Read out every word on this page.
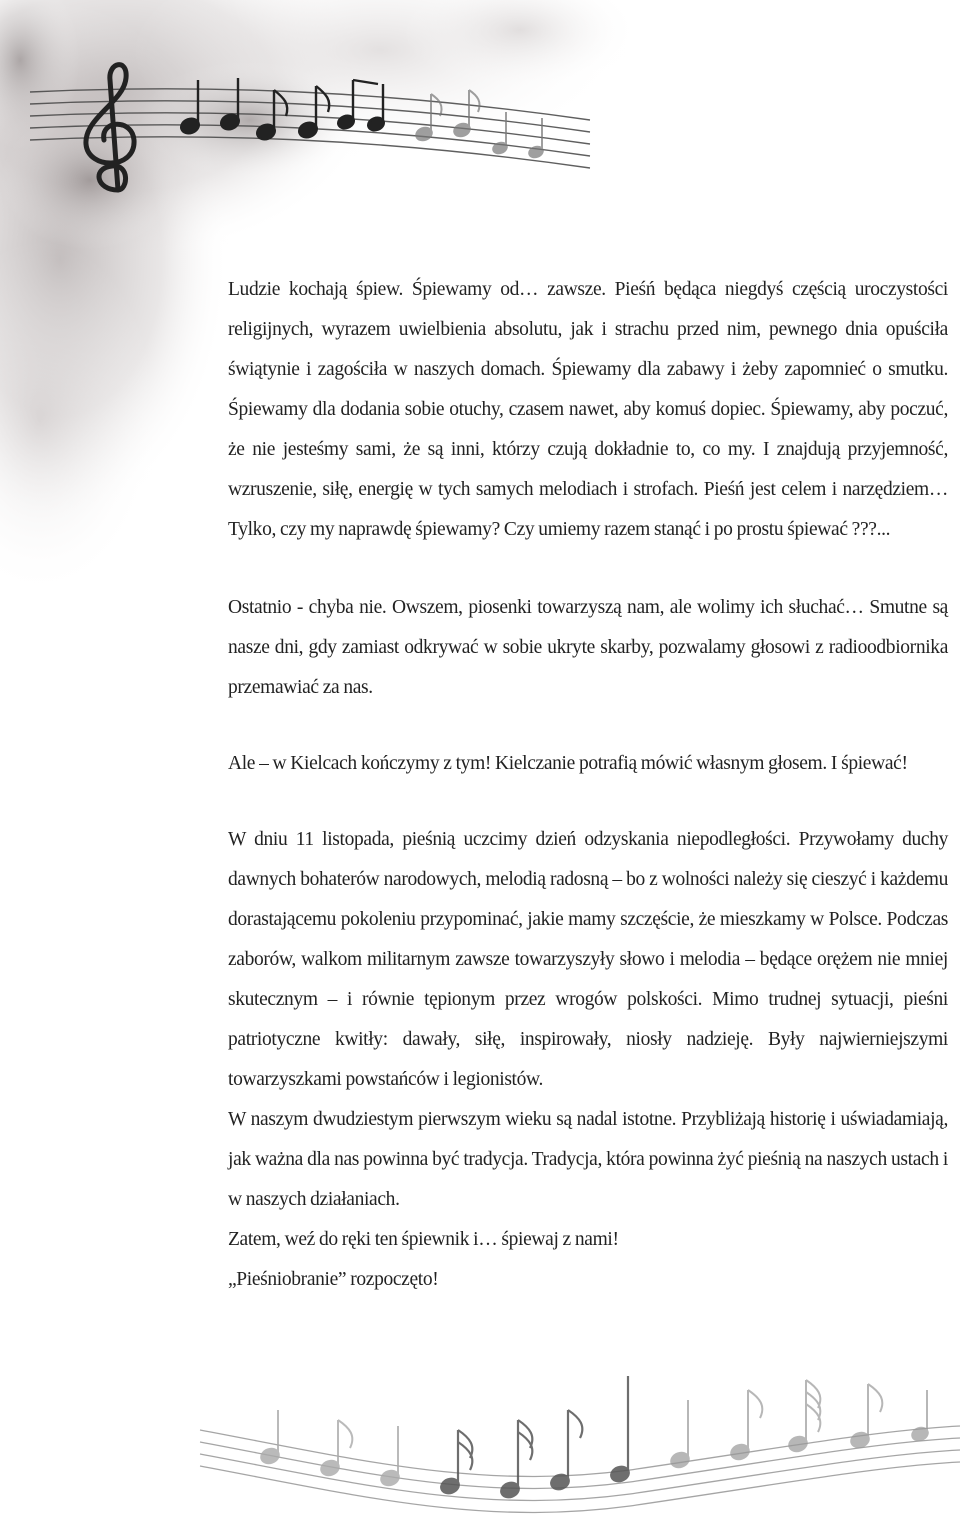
Ludzie kochają śpiew. Śpiewamy od… zawsze. Pieśń będąca niegdyś częścią uroczystości religijnych, wyrazem uwielbienia absolutu, jak i strachu przed nim, pewnego dnia opuściła świątynie i zagościła w naszych domach. Śpiewamy dla zabawy i żeby zapomnieć o smutku. Śpiewamy dla dodania sobie otuchy, czasem nawet, aby komuś dopiec. Śpiewamy, aby poczuć, że nie jesteśmy sami, że są inni, którzy czują dokładnie to, co my. I znajdują przyjemność, wzruszenie, siłę, energię w tych samych melodiach i strofach. Pieśń jest celem i narzędziem… Tylko, czy my naprawdę śpiewamy? Czy umiemy razem stanąć i po prostu śpiewać ???...

Ostatnio - chyba nie. Owszem, piosenki towarzyszą nam, ale wolimy ich słuchać… Smutne są nasze dni, gdy zamiast odkrywać w sobie ukryte skarby, pozwalamy głosowi z radioodbiornika przemawiać za nas.

Ale – w Kielcach kończymy z tym! Kielczanie potrafią mówić własnym głosem. I śpiewać!

W dniu 11 listopada, pieśnią uczcimy dzień odzyskania niepodległości. Przywołamy duchy dawnych bohaterów narodowych, melodią radosną – bo z wolności należy się cieszyć i każdemu dorastającemu pokoleniu przypominać, jakie mamy szczęście, że mieszkamy w Polsce. Podczas zaborów, walkom militarnym zawsze towarzyszyły słowo i melodia – będące orężem nie mniej skutecznym – i równie tępionym przez wrogów polskości. Mimo trudnej sytuacji, pieśni patriotyczne kwitły: dawały, siłę, inspirowały, niosły nadzieję. Były najwierniejszymi towarzyszkami powstańców i legionistów.

W naszym dwudziestym pierwszym wieku są nadal istotne. Przybliżają historię i uświadamiają, jak ważna dla nas powinna być tradycja. Tradycja, która powinna żyć pieśnią na naszych ustach i w naszych działaniach.

Zatem, weź do ręki ten śpiewnik i… śpiewaj z nami!

„Pieśniobranie” rozpoczęto!
